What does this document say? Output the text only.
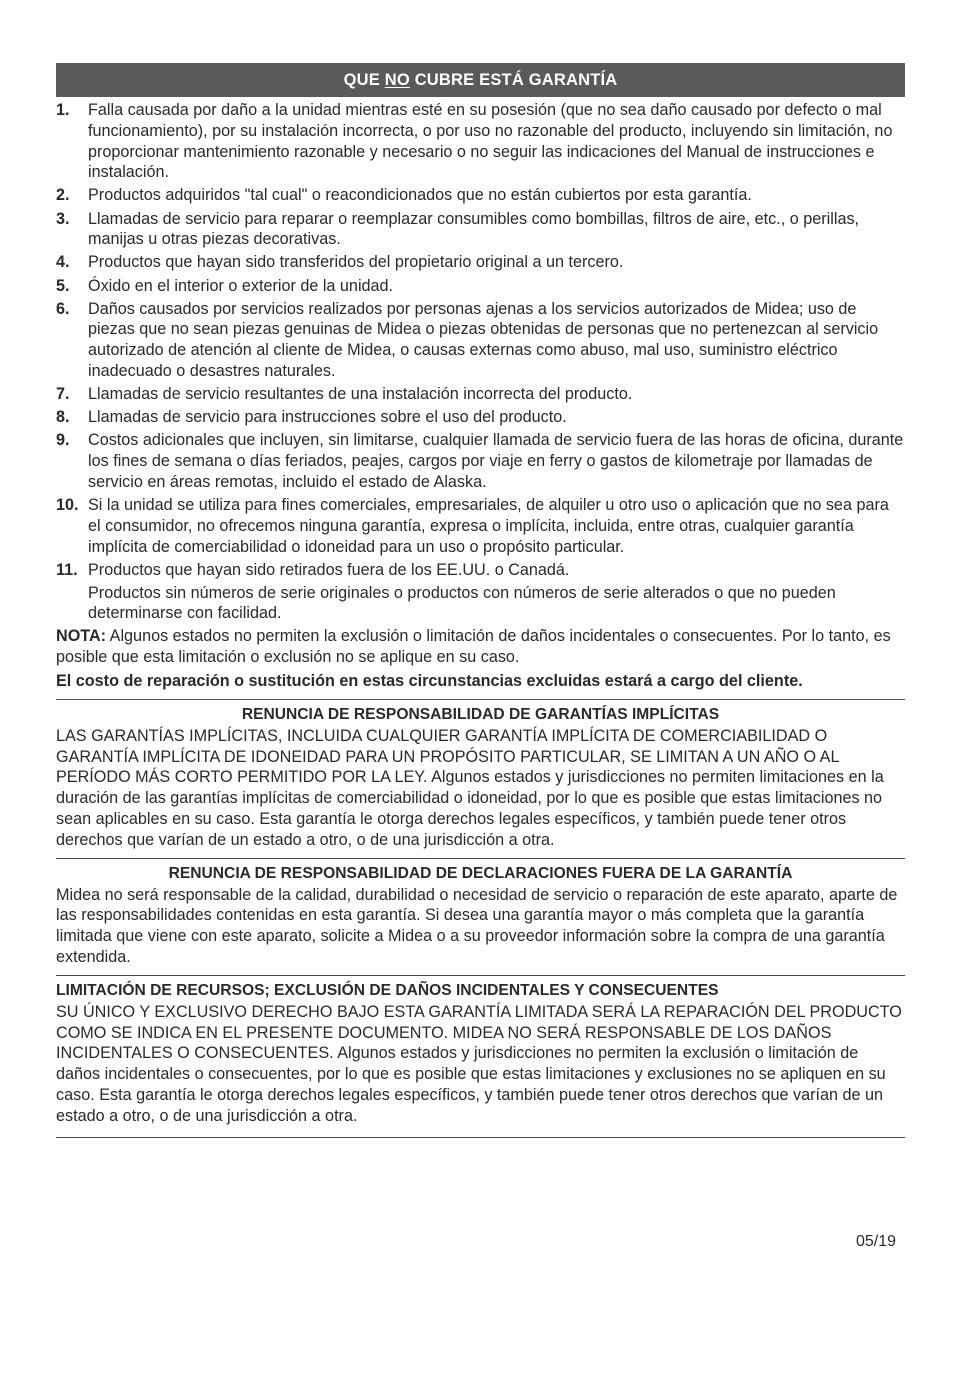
QUE
NO
CUBRE ESTÁ GARANTÍA
1.	Falla causada por daño a la unidad mientras esté en su posesión (que no sea daño causado por defecto o mal funcionamiento), por su instalación incorrecta, o por uso no razonable del producto, incluyendo sin limitación, no proporcionar mantenimiento razonable y necesario o no seguir las indicaciones del Manual de instrucciones e instalación.
2.	Productos adquiridos "tal cual" o reacondicionados que no están cubiertos por esta garantía.
3.	Llamadas de servicio para reparar o reemplazar consumibles como bombillas, filtros de aire, etc., o perillas, manijas u otras piezas decorativas.
4.	Productos que hayan sido transferidos del propietario original a un tercero.
5.	Óxido en el interior o exterior de la unidad.
6.	Daños causados por servicios realizados por personas ajenas a los servicios autorizados de Midea; uso de piezas que no sean piezas genuinas de Midea o piezas obtenidas de personas que no pertenezcan al servicio autorizado de atención al cliente de Midea, o causas externas como abuso, mal uso, suministro eléctrico inadecuado o desastres naturales.
7.	Llamadas de servicio resultantes de una instalación incorrecta del producto.
8.	Llamadas de servicio para instrucciones sobre el uso del producto.
9.	Costos adicionales que incluyen, sin limitarse, cualquier llamada de servicio fuera de las horas de oficina, durante los fines de semana o días feriados, peajes, cargos por viaje en ferry o gastos de kilometraje por llamadas de servicio en áreas remotas, incluido el estado de Alaska.
10. Si la unidad se utiliza para fines comerciales, empresariales, de alquiler u otro uso o aplicación que no sea para el consumidor, no ofrecemos ninguna garantía, expresa o implícita, incluida, entre otras, cualquier garantía implícita de comerciabilidad o idoneidad para un uso o propósito particular.
11. Productos que hayan sido retirados fuera de los EE.UU. o Canadá.
Productos sin números de serie originales o productos con números de serie alterados o que no pueden determinarse con facilidad.

NOTA: Algunos estados no permiten la exclusión o limitación de daños incidentales o consecuentes. Por lo tanto, es posible que esta limitación o exclusión no se aplique en su caso.

El costo de reparación o sustitución en estas circunstancias excluidas estará a cargo del cliente.

RENUNCIA DE RESPONSABILIDAD DE GARANTÍAS IMPLÍCITAS

LAS GARANTÍAS IMPLÍCITAS, INCLUIDA CUALQUIER GARANTÍA IMPLÍCITA DE COMERCIABILIDAD O GARANTÍA IMPLÍCITA DE IDONEIDAD PARA UN PROPÓSITO PARTICULAR, SE LIMITAN A UN AÑO O AL PERÍODO MÁS CORTO PERMITIDO POR LA LEY. Algunos estados y jurisdicciones no permiten limitaciones en la duración de las garantías implícitas de comerciabilidad o idoneidad, por lo que es posible que estas limitaciones no sean aplicables en su caso. Esta garantía le otorga derechos legales específicos, y también puede tener otros derechos que varían de un estado a otro, o de una jurisdicción a otra.

RENUNCIA DE RESPONSABILIDAD DE DECLARACIONES FUERA DE LA GARANTÍA

Midea no será responsable de la calidad, durabilidad o necesidad de servicio o reparación de este aparato, aparte de las responsabilidades contenidas en esta garantía. Si desea una garantía mayor o más completa que la garantía limitada que viene con este aparato, solicite a Midea o a su proveedor información sobre la compra de una garantía extendida.

LIMITACIÓN DE RECURSOS; EXCLUSIÓN DE DAÑOS INCIDENTALES Y CONSECUENTES

SU ÚNICO Y EXCLUSIVO DERECHO BAJO ESTA GARANTÍA LIMITADA SERÁ LA REPARACIÓN DEL PRODUCTO COMO SE INDICA EN EL PRESENTE DOCUMENTO. MIDEA NO SERÁ RESPONSABLE DE LOS DAÑOS INCIDENTALES O CONSECUENTES. Algunos estados y jurisdicciones no permiten la exclusión o limitación de daños incidentales o consecuentes, por lo que es posible que estas limitaciones y exclusiones no se apliquen en su caso. Esta garantía le otorga derechos legales específicos, y también puede tener otros derechos que varían de un estado a otro, o de una jurisdicción a otra.

05/19
